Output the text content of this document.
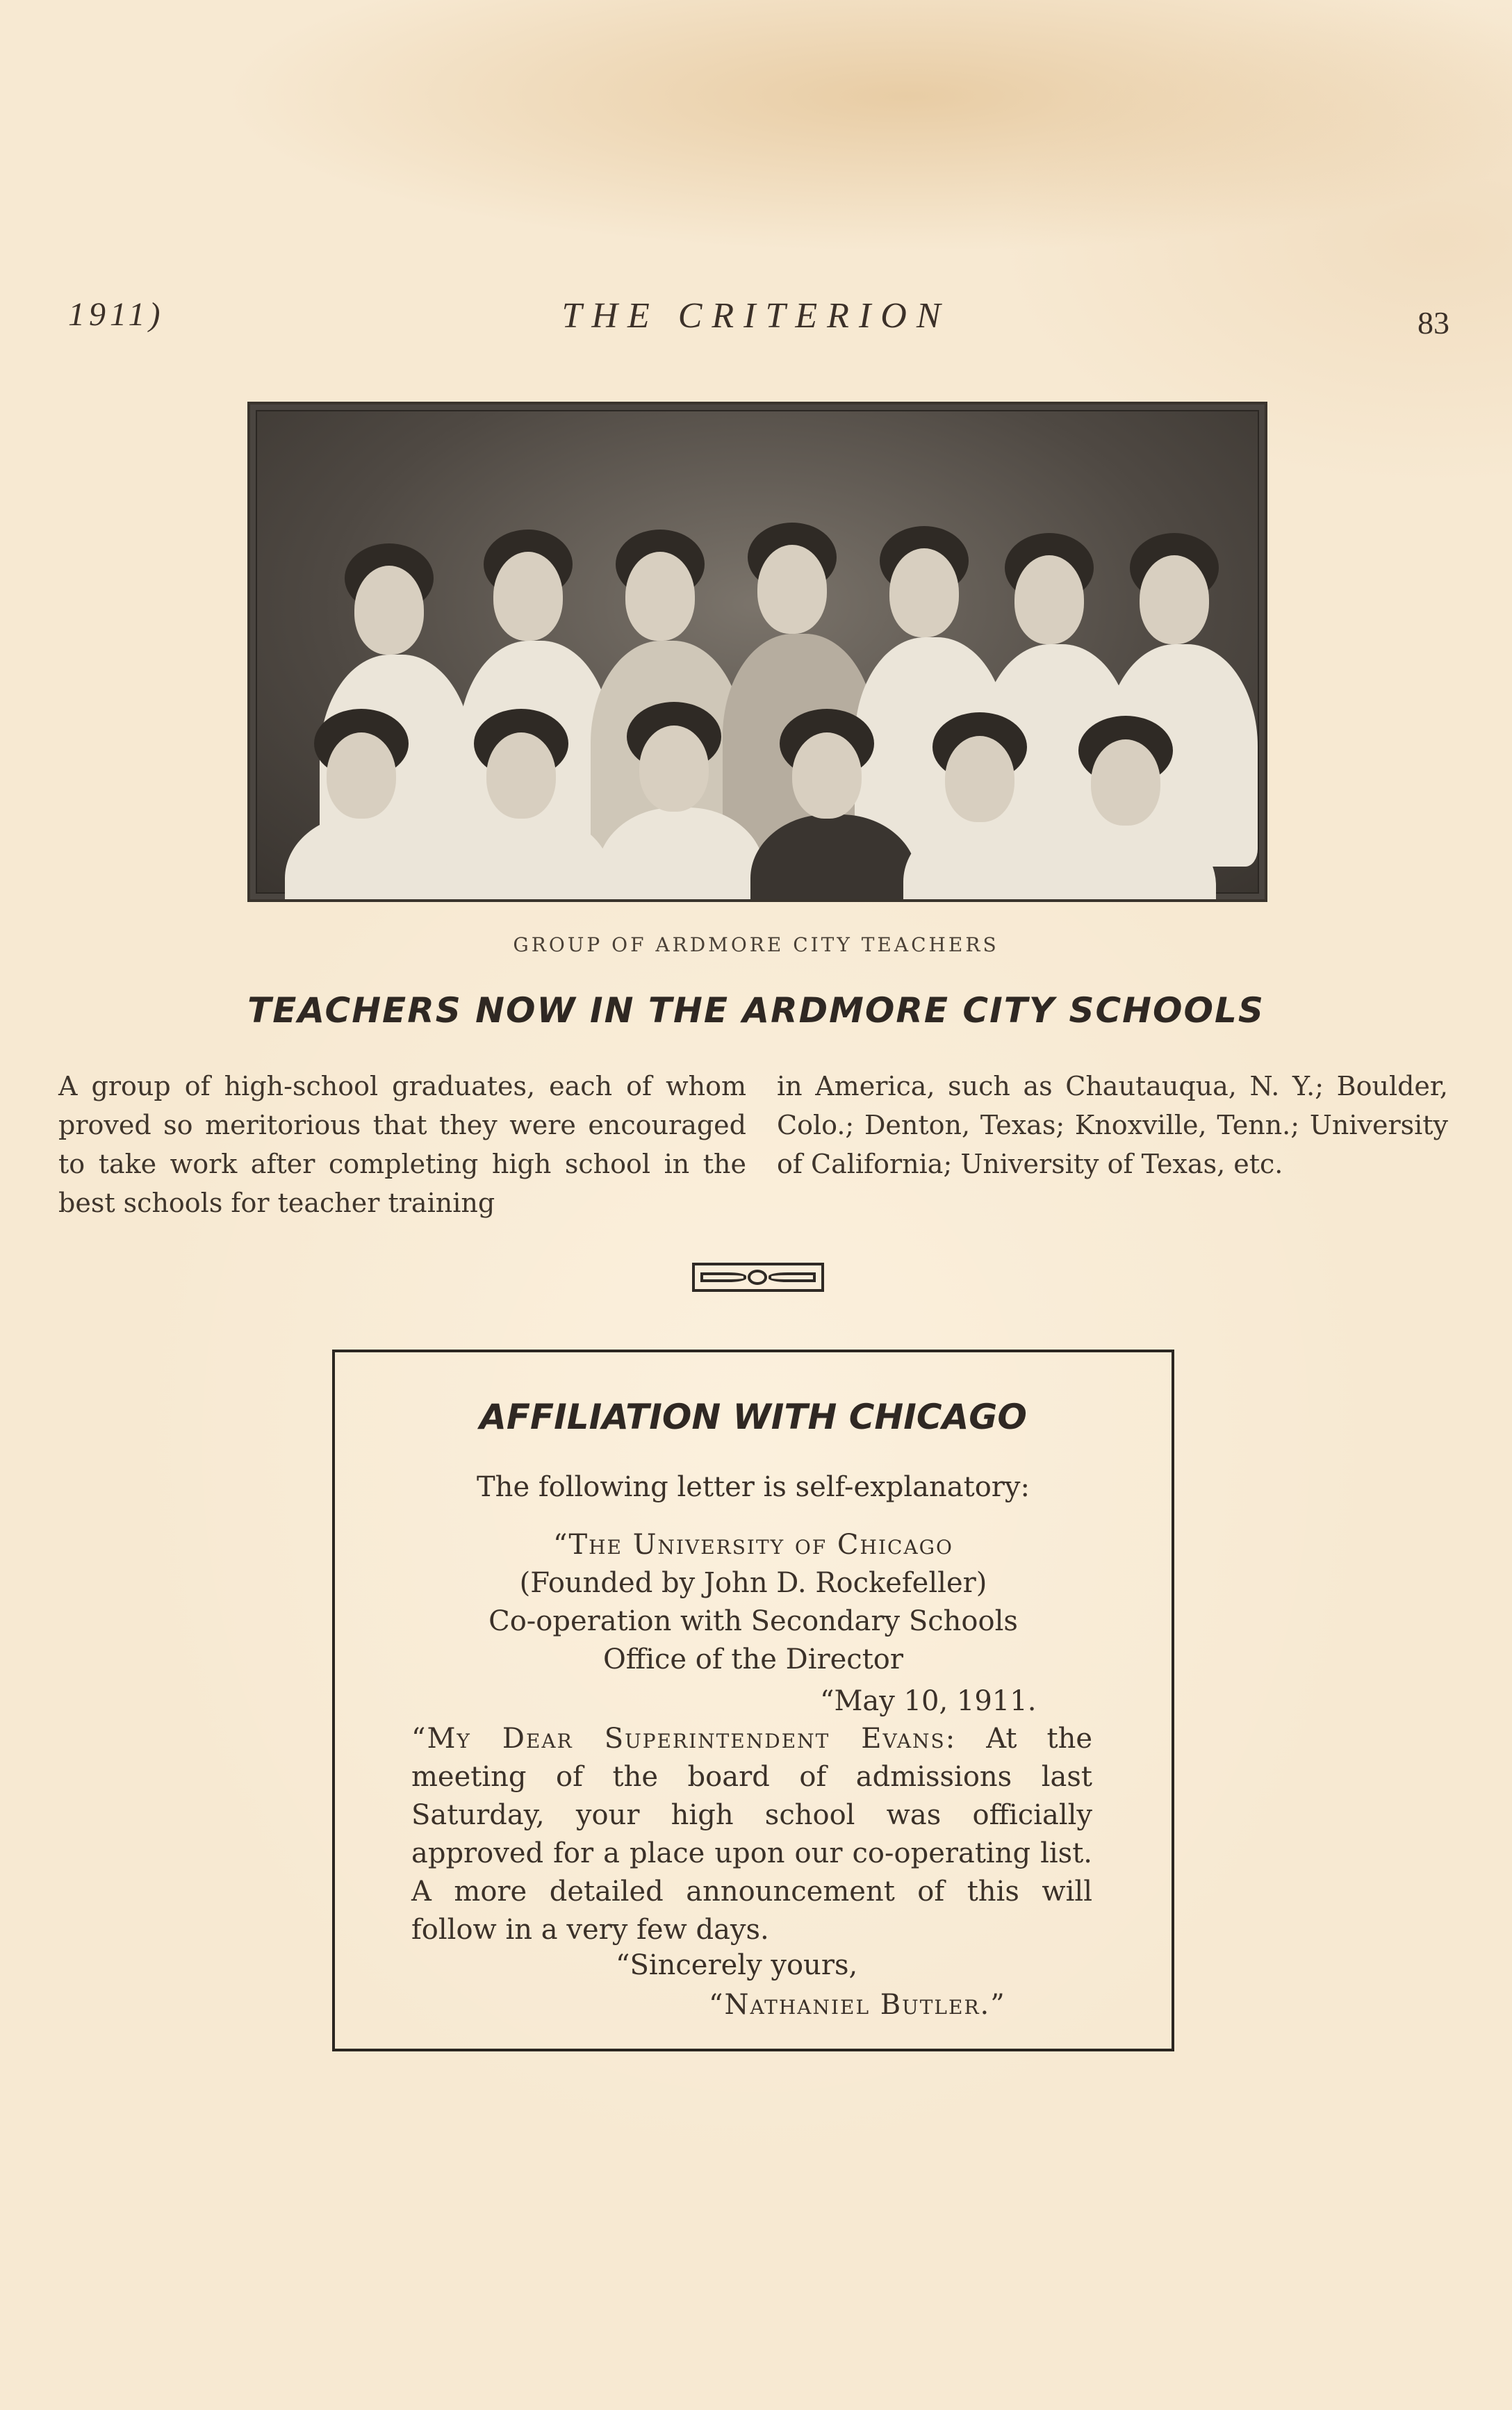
1911)	THE CRITERION	83
GROUP OF ARDMORE CITY TEACHERS
TEACHERS NOW IN THE ARDMORE CITY SCHOOLS
A group of high-school graduates, each of whom proved so meritorious that they were encouraged to take work after completing high school in the best schools for teacher training
in America, such as Chautauqua, N. Y.; Boulder, Colo.; Denton, Texas; Knoxville, Tenn.; University of California; University of Texas, etc.
AFFILIATION WITH CHICAGO
The following letter is self-explanatory:
“The University of Chicago
(Founded by John D. Rockefeller)
Co-operation with Secondary Schools
Office of the Director
“May 10, 1911.
“My Dear Superintendent Evans: At the meeting of the board of admissions last Saturday, your high school was officially approved for a place upon our co-operating list. A more detailed announcement of this will follow in a very few days.
“Sincerely yours,
“Nathaniel Butler.”
